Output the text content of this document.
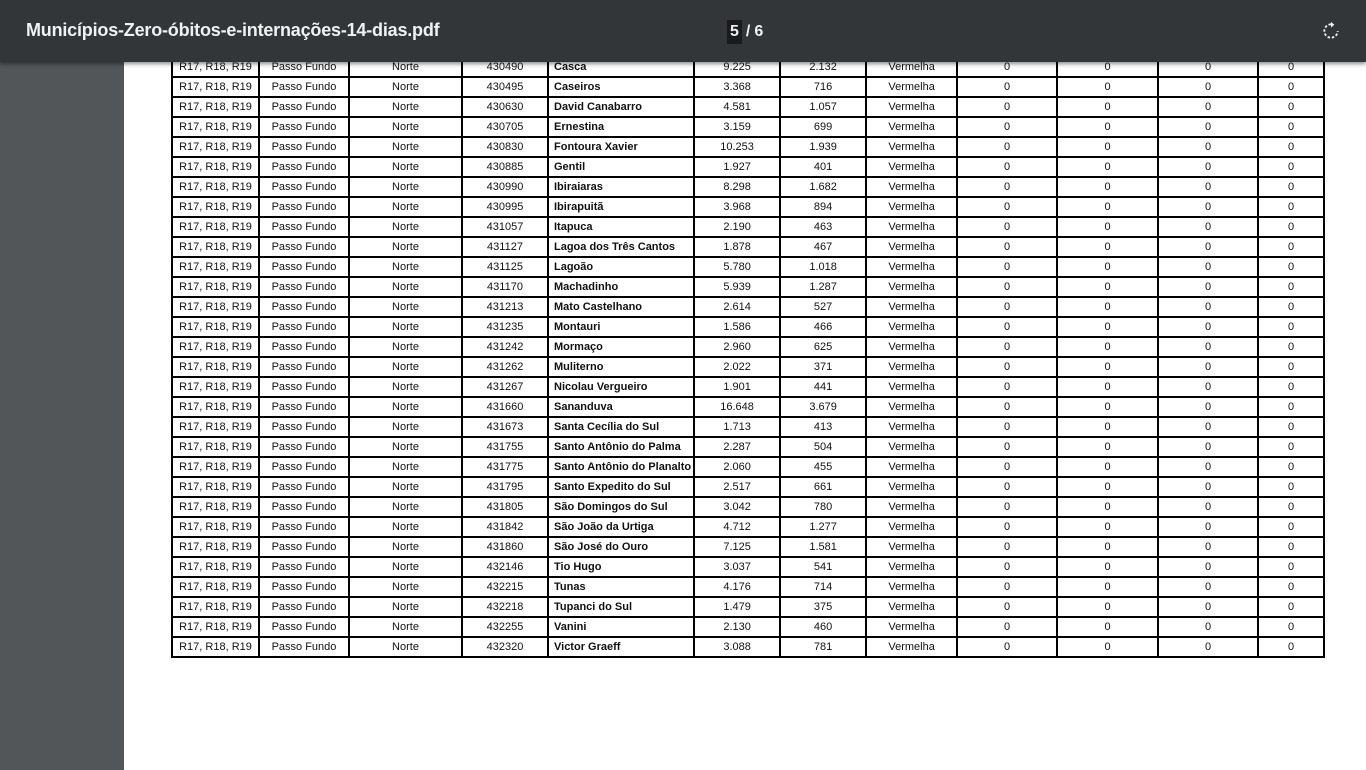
Municípios-Zero-óbitos-e-internações-14-dias.pdf	5 / 6
R17, R18, R19	Passo Fundo	Norte	430490	Casca	9.225	2.132	Vermelha	0	0	0	0
R17, R18, R19	Passo Fundo	Norte	430495	Caseiros	3.368	716	Vermelha	0	0	0	0
R17, R18, R19	Passo Fundo	Norte	430630	David Canabarro	4.581	1.057	Vermelha	0	0	0	0
R17, R18, R19	Passo Fundo	Norte	430705	Ernestina	3.159	699	Vermelha	0	0	0	0
R17, R18, R19	Passo Fundo	Norte	430830	Fontoura Xavier	10.253	1.939	Vermelha	0	0	0	0
R17, R18, R19	Passo Fundo	Norte	430885	Gentil	1.927	401	Vermelha	0	0	0	0
R17, R18, R19	Passo Fundo	Norte	430990	Ibiraiaras	8.298	1.682	Vermelha	0	0	0	0
R17, R18, R19	Passo Fundo	Norte	430995	Ibirapuitã	3.968	894	Vermelha	0	0	0	0
R17, R18, R19	Passo Fundo	Norte	431057	Itapuca	2.190	463	Vermelha	0	0	0	0
R17, R18, R19	Passo Fundo	Norte	431127	Lagoa dos Três Cantos	1.878	467	Vermelha	0	0	0	0
R17, R18, R19	Passo Fundo	Norte	431125	Lagoão	5.780	1.018	Vermelha	0	0	0	0
R17, R18, R19	Passo Fundo	Norte	431170	Machadinho	5.939	1.287	Vermelha	0	0	0	0
R17, R18, R19	Passo Fundo	Norte	431213	Mato Castelhano	2.614	527	Vermelha	0	0	0	0
R17, R18, R19	Passo Fundo	Norte	431235	Montauri	1.586	466	Vermelha	0	0	0	0
R17, R18, R19	Passo Fundo	Norte	431242	Mormaço	2.960	625	Vermelha	0	0	0	0
R17, R18, R19	Passo Fundo	Norte	431262	Muliterno	2.022	371	Vermelha	0	0	0	0
R17, R18, R19	Passo Fundo	Norte	431267	Nicolau Vergueiro	1.901	441	Vermelha	0	0	0	0
R17, R18, R19	Passo Fundo	Norte	431660	Sananduva	16.648	3.679	Vermelha	0	0	0	0
R17, R18, R19	Passo Fundo	Norte	431673	Santa Cecília do Sul	1.713	413	Vermelha	0	0	0	0
R17, R18, R19	Passo Fundo	Norte	431755	Santo Antônio do Palma	2.287	504	Vermelha	0	0	0	0
R17, R18, R19	Passo Fundo	Norte	431775	Santo Antônio do Planalto	2.060	455	Vermelha	0	0	0	0
R17, R18, R19	Passo Fundo	Norte	431795	Santo Expedito do Sul	2.517	661	Vermelha	0	0	0	0
R17, R18, R19	Passo Fundo	Norte	431805	São Domingos do Sul	3.042	780	Vermelha	0	0	0	0
R17, R18, R19	Passo Fundo	Norte	431842	São João da Urtiga	4.712	1.277	Vermelha	0	0	0	0
R17, R18, R19	Passo Fundo	Norte	431860	São José do Ouro	7.125	1.581	Vermelha	0	0	0	0
R17, R18, R19	Passo Fundo	Norte	432146	Tio Hugo	3.037	541	Vermelha	0	0	0	0
R17, R18, R19	Passo Fundo	Norte	432215	Tunas	4.176	714	Vermelha	0	0	0	0
R17, R18, R19	Passo Fundo	Norte	432218	Tupanci do Sul	1.479	375	Vermelha	0	0	0	0
R17, R18, R19	Passo Fundo	Norte	432255	Vanini	2.130	460	Vermelha	0	0	0	0
R17, R18, R19	Passo Fundo	Norte	432320	Victor Graeff	3.088	781	Vermelha	0	0	0	0
